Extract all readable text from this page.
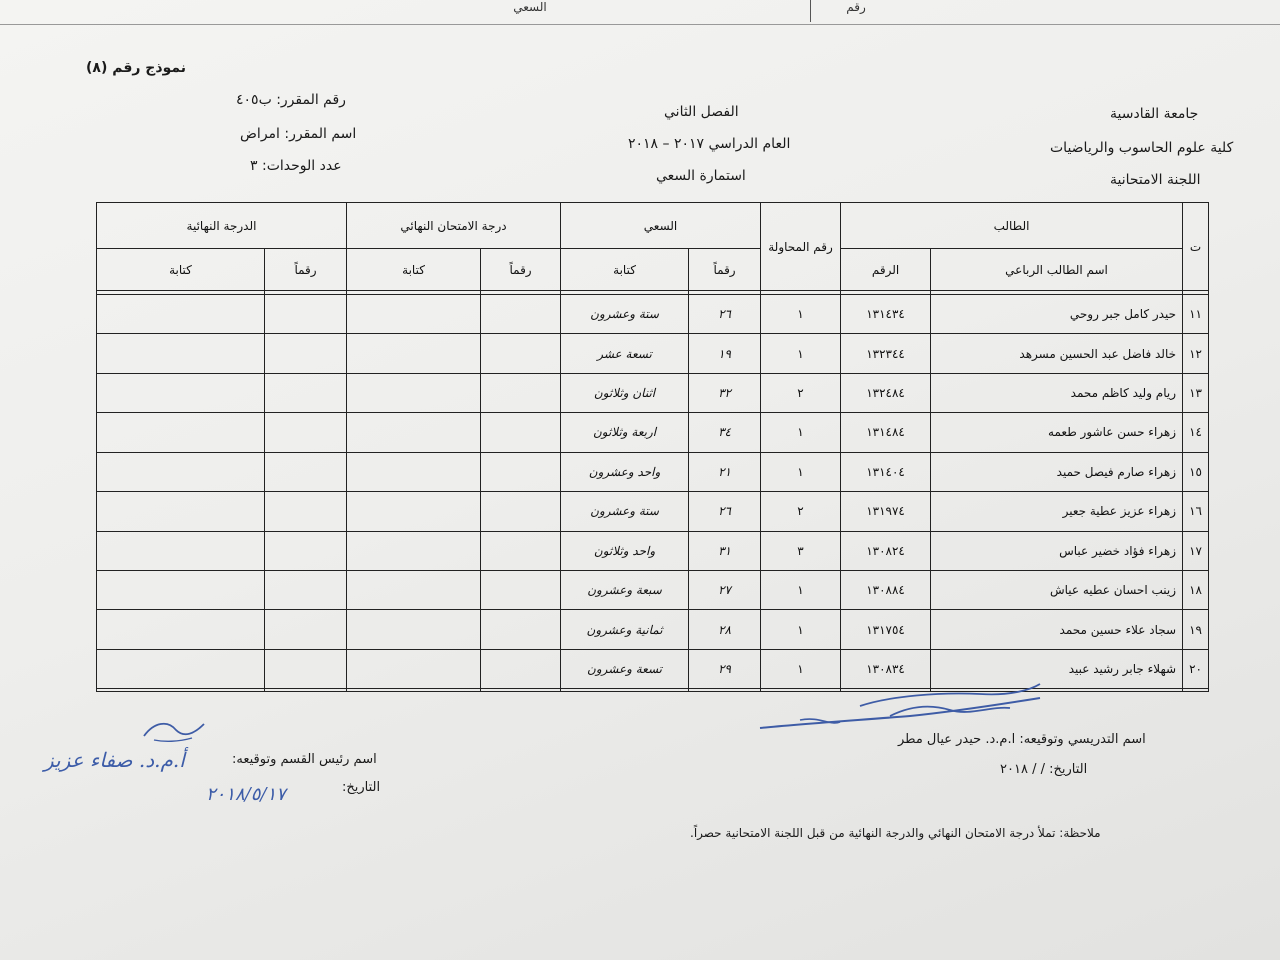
رقم
السعي
نموذج رقم (٨)
رقم المقرر: ب٤٠٥
اسم المقرر: امراض
عدد الوحدات: ٣
الفصل الثاني
العام الدراسي ٢٠١٧ – ٢٠١٨
استمارة السعي
جامعة القادسية
كلية علوم الحاسوب والرياضيات
اللجنة الامتحانية
ت	الطالب		رقم المحاولة	السعي		درجة الامتحان النهائي		الدرجة النهائية	
	اسم الطالب الرباعي	الرقم		رقماً	كتابة	رقماً	كتابة	رقماً	كتابة

١١	حيدر كامل جبر روحي	١٣١٤٣٤	١	٢٦	ستة وعشرون				
١٢	خالد فاضل عبد الحسين مسرهد	١٣٢٣٤٤	١	١٩	تسعة عشر				
١٣	ريام وليد كاظم محمد	١٣٢٤٨٤	٢	٣٢	اثنان وثلاثون				
١٤	زهراء حسن عاشور طعمه	١٣١٤٨٤	١	٣٤	اربعة وثلاثون				
١٥	زهراء صارم فيصل حميد	١٣١٤٠٤	١	٢١	واحد وعشرون				
١٦	زهراء عزيز عطية جعير	١٣١٩٧٤	٢	٢٦	ستة وعشرون				
١٧	زهراء فؤاد خضير عباس	١٣٠٨٢٤	٣	٣١	واحد وثلاثون				
١٨	زينب احسان عطيه عياش	١٣٠٨٨٤	١	٢٧	سبعة وعشرون				
١٩	سجاد علاء حسين محمد	١٣١٧٥٤	١	٢٨	ثمانية وعشرون				
٢٠	شهلاء جابر رشيد عبيد	١٣٠٨٣٤	١	٢٩	تسعة وعشرون				

اسم التدريسي وتوقيعه: ا.م.د. حيدر عيال مطر
التاريخ: / / ٢٠١٨
اسم رئيس القسم وتوقيعه:
أ.م.د. صفاء عزيز
التاريخ:
٢٠١٨/٥/١٧
ملاحظة: تملأ درجة الامتحان النهائي والدرجة النهائية من قبل اللجنة الامتحانية حصراً.
